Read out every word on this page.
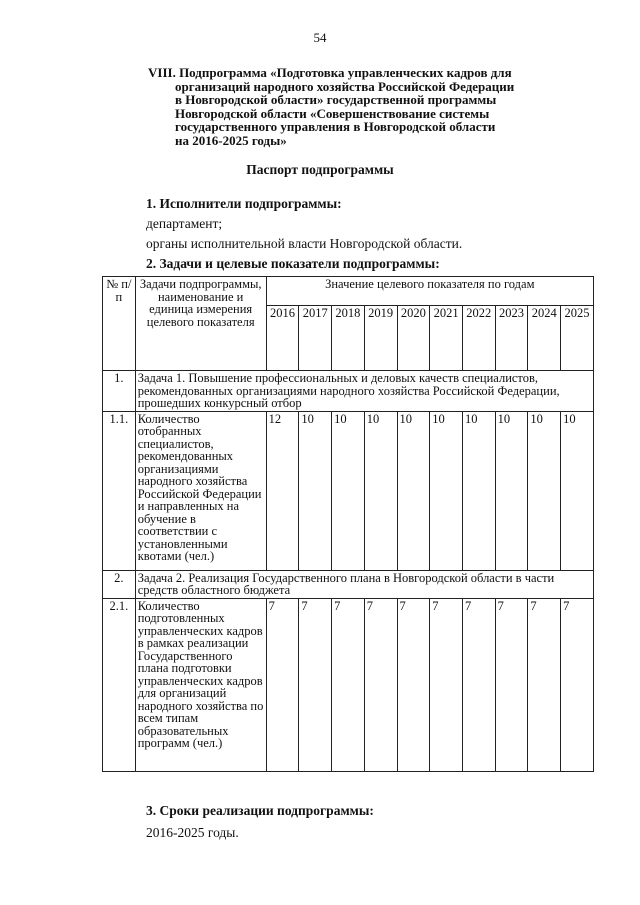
54
VIII. Подпрограмма «Подготовка управленческих кадров для
организаций народного хозяйства Российской Федерации
в Новгородской области» государственной программы
Новгородской области «Совершенствование системы
государственного управления в Новгородской области
на 2016-2025 годы»
Паспорт подпрограммы
1. Исполнители подпрограммы:
департамент;
органы исполнительной власти Новгородской области.
2. Задачи и целевые показатели подпрограммы:
№ п/п	Задачи подпрограммы, наименование и единица измерения целевого показателя	Значение целевого показателя по годам									
		2016	2017	2018	2019	2020	2021	2022	2023	2024	2025
1.	Задача 1. Повышение профессиональных и деловых качеств специалистов, рекомендованных организациями народного хозяйства Российской Федерации, прошедших конкурсный отбор										
1.1.	Количество отобранных специалистов, рекомендованных организациями народного хозяйства Российской Федерации и направленных на обучение в соответствии с установленными квотами (чел.)	12	10	10	10	10	10	10	10	10	10
2.	Задача 2. Реализация Государственного плана в Новгородской области в части средств областного бюджета										
2.1.	Количество подготовленных управленческих кадров в рамках реализации Государственного плана подготовки управленческих кадров для организаций народного хозяйства по всем типам образовательных программ (чел.)	7	7	7	7	7	7	7	7	7	7
3. Сроки реализации подпрограммы:
2016-2025 годы.
